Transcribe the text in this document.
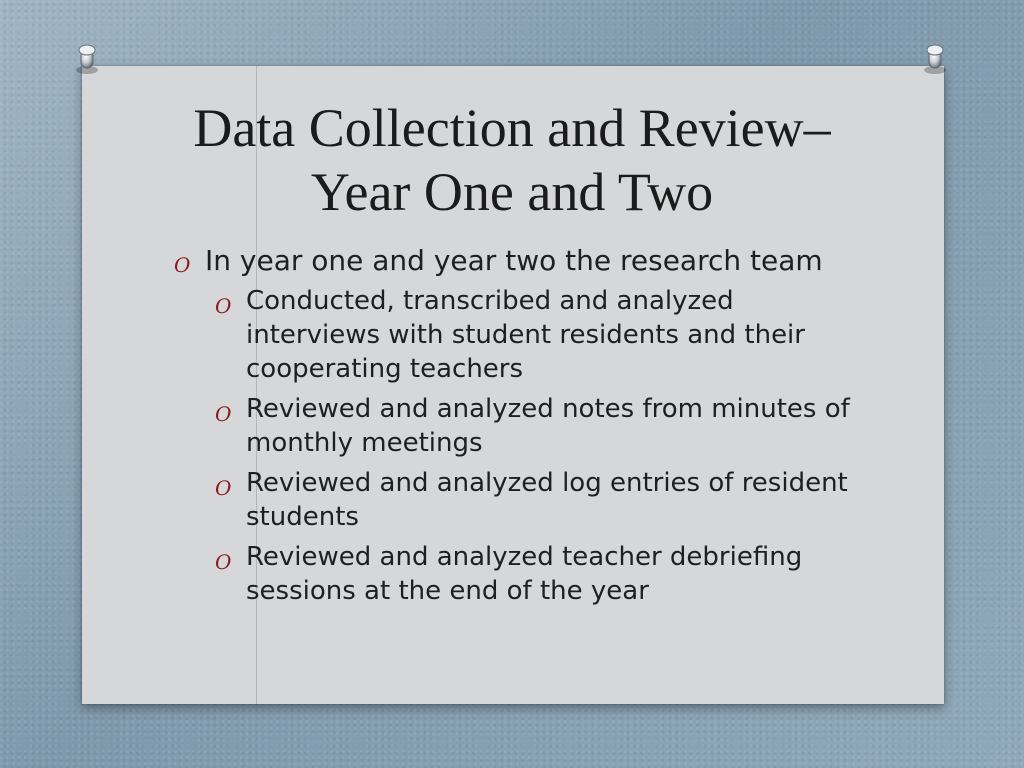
Data Collection and Review–
Year One and Two
O In year one and year two the research team
O Conducted, transcribed and analyzed interviews with student residents and their cooperating teachers
O Reviewed and analyzed notes from minutes of monthly meetings
O Reviewed and analyzed log entries of resident students
O Reviewed and analyzed teacher debriefing sessions at the end of the year
